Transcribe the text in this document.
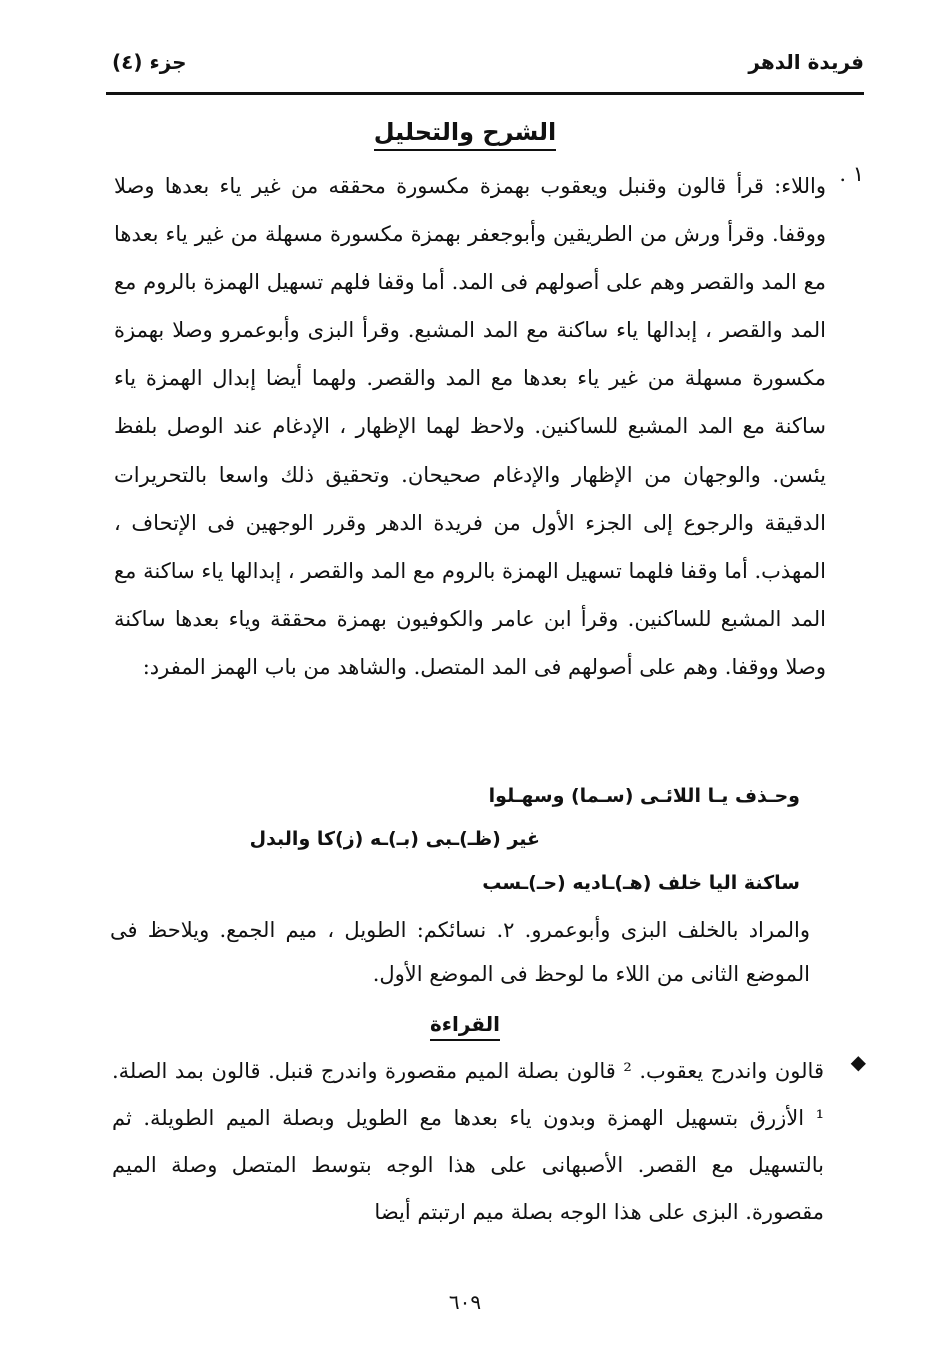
فريدة الدهر
جزء (٤)
الشرح والتحليل
١ .
واللاء: قرأ قالون وقنبل ويعقوب بهمزة مكسورة محققه من غير ياء بعدها وصلا ووقفا. وقرأ ورش من الطريقين وأبوجعفر بهمزة مكسورة مسهلة من غير ياء بعدها مع المد والقصر وهم على أصولهم فى المد. أما وقفا فلهم تسهيل الهمزة بالروم مع المد والقصر ، إبدالها ياء ساكنة مع المد المشبع. وقرأ البزى وأبوعمرو وصلا بهمزة مكسورة مسهلة من غير ياء بعدها مع المد والقصر. ولهما أيضا إبدال الهمزة ياء ساكنة مع المد المشبع للساكنين. ولاحظ لهما الإظهار ، الإدغام عند الوصل بلفظ يئسن. والوجهان من الإظهار والإدغام صحيحان. وتحقيق ذلك واسعا بالتحريرات الدقيقة والرجوع إلى الجزء الأول من فريدة الدهر وقرر الوجهين فى الإتحاف ، المهذب. أما وقفا فلهما تسهيل الهمزة بالروم مع المد والقصر ، إبدالها ياء ساكنة مع المد المشبع للساكنين. وقرأ ابن عامر والكوفيون بهمزة محققة وياء بعدها ساكنة وصلا ووقفا. وهم على أصولهم فى المد المتصل. والشاهد من باب الهمز المفرد:
وحـذف يـا اللائـى (سـما) وسهـلوا
غير (ظـ)ـبى (بـ)ـه (ز)كا والبدل
ساكنة اليا خلف (هـ)ـاديه (حـ)ـسب
والمراد بالخلف البزى وأبوعمرو. ٢. نسائكم: الطويل ، ميم الجمع. ويلاحظ فى الموضع الثانى من اللاء ما لوحظ فى الموضع الأول.
القراءة
◆
قالون واندرج يعقوب. ² قالون بصلة الميم مقصورة واندرج قنبل. قالون بمد الصلة. ¹ الأزرق بتسهيل الهمزة وبدون ياء بعدها مع الطويل وبصلة الميم الطويلة. ثم بالتسهيل مع القصر. الأصبهانى على هذا الوجه بتوسط المتصل وصلة الميم مقصورة. البزى على هذا الوجه بصلة ميم ارتبتم أيضا
٦٠٩
